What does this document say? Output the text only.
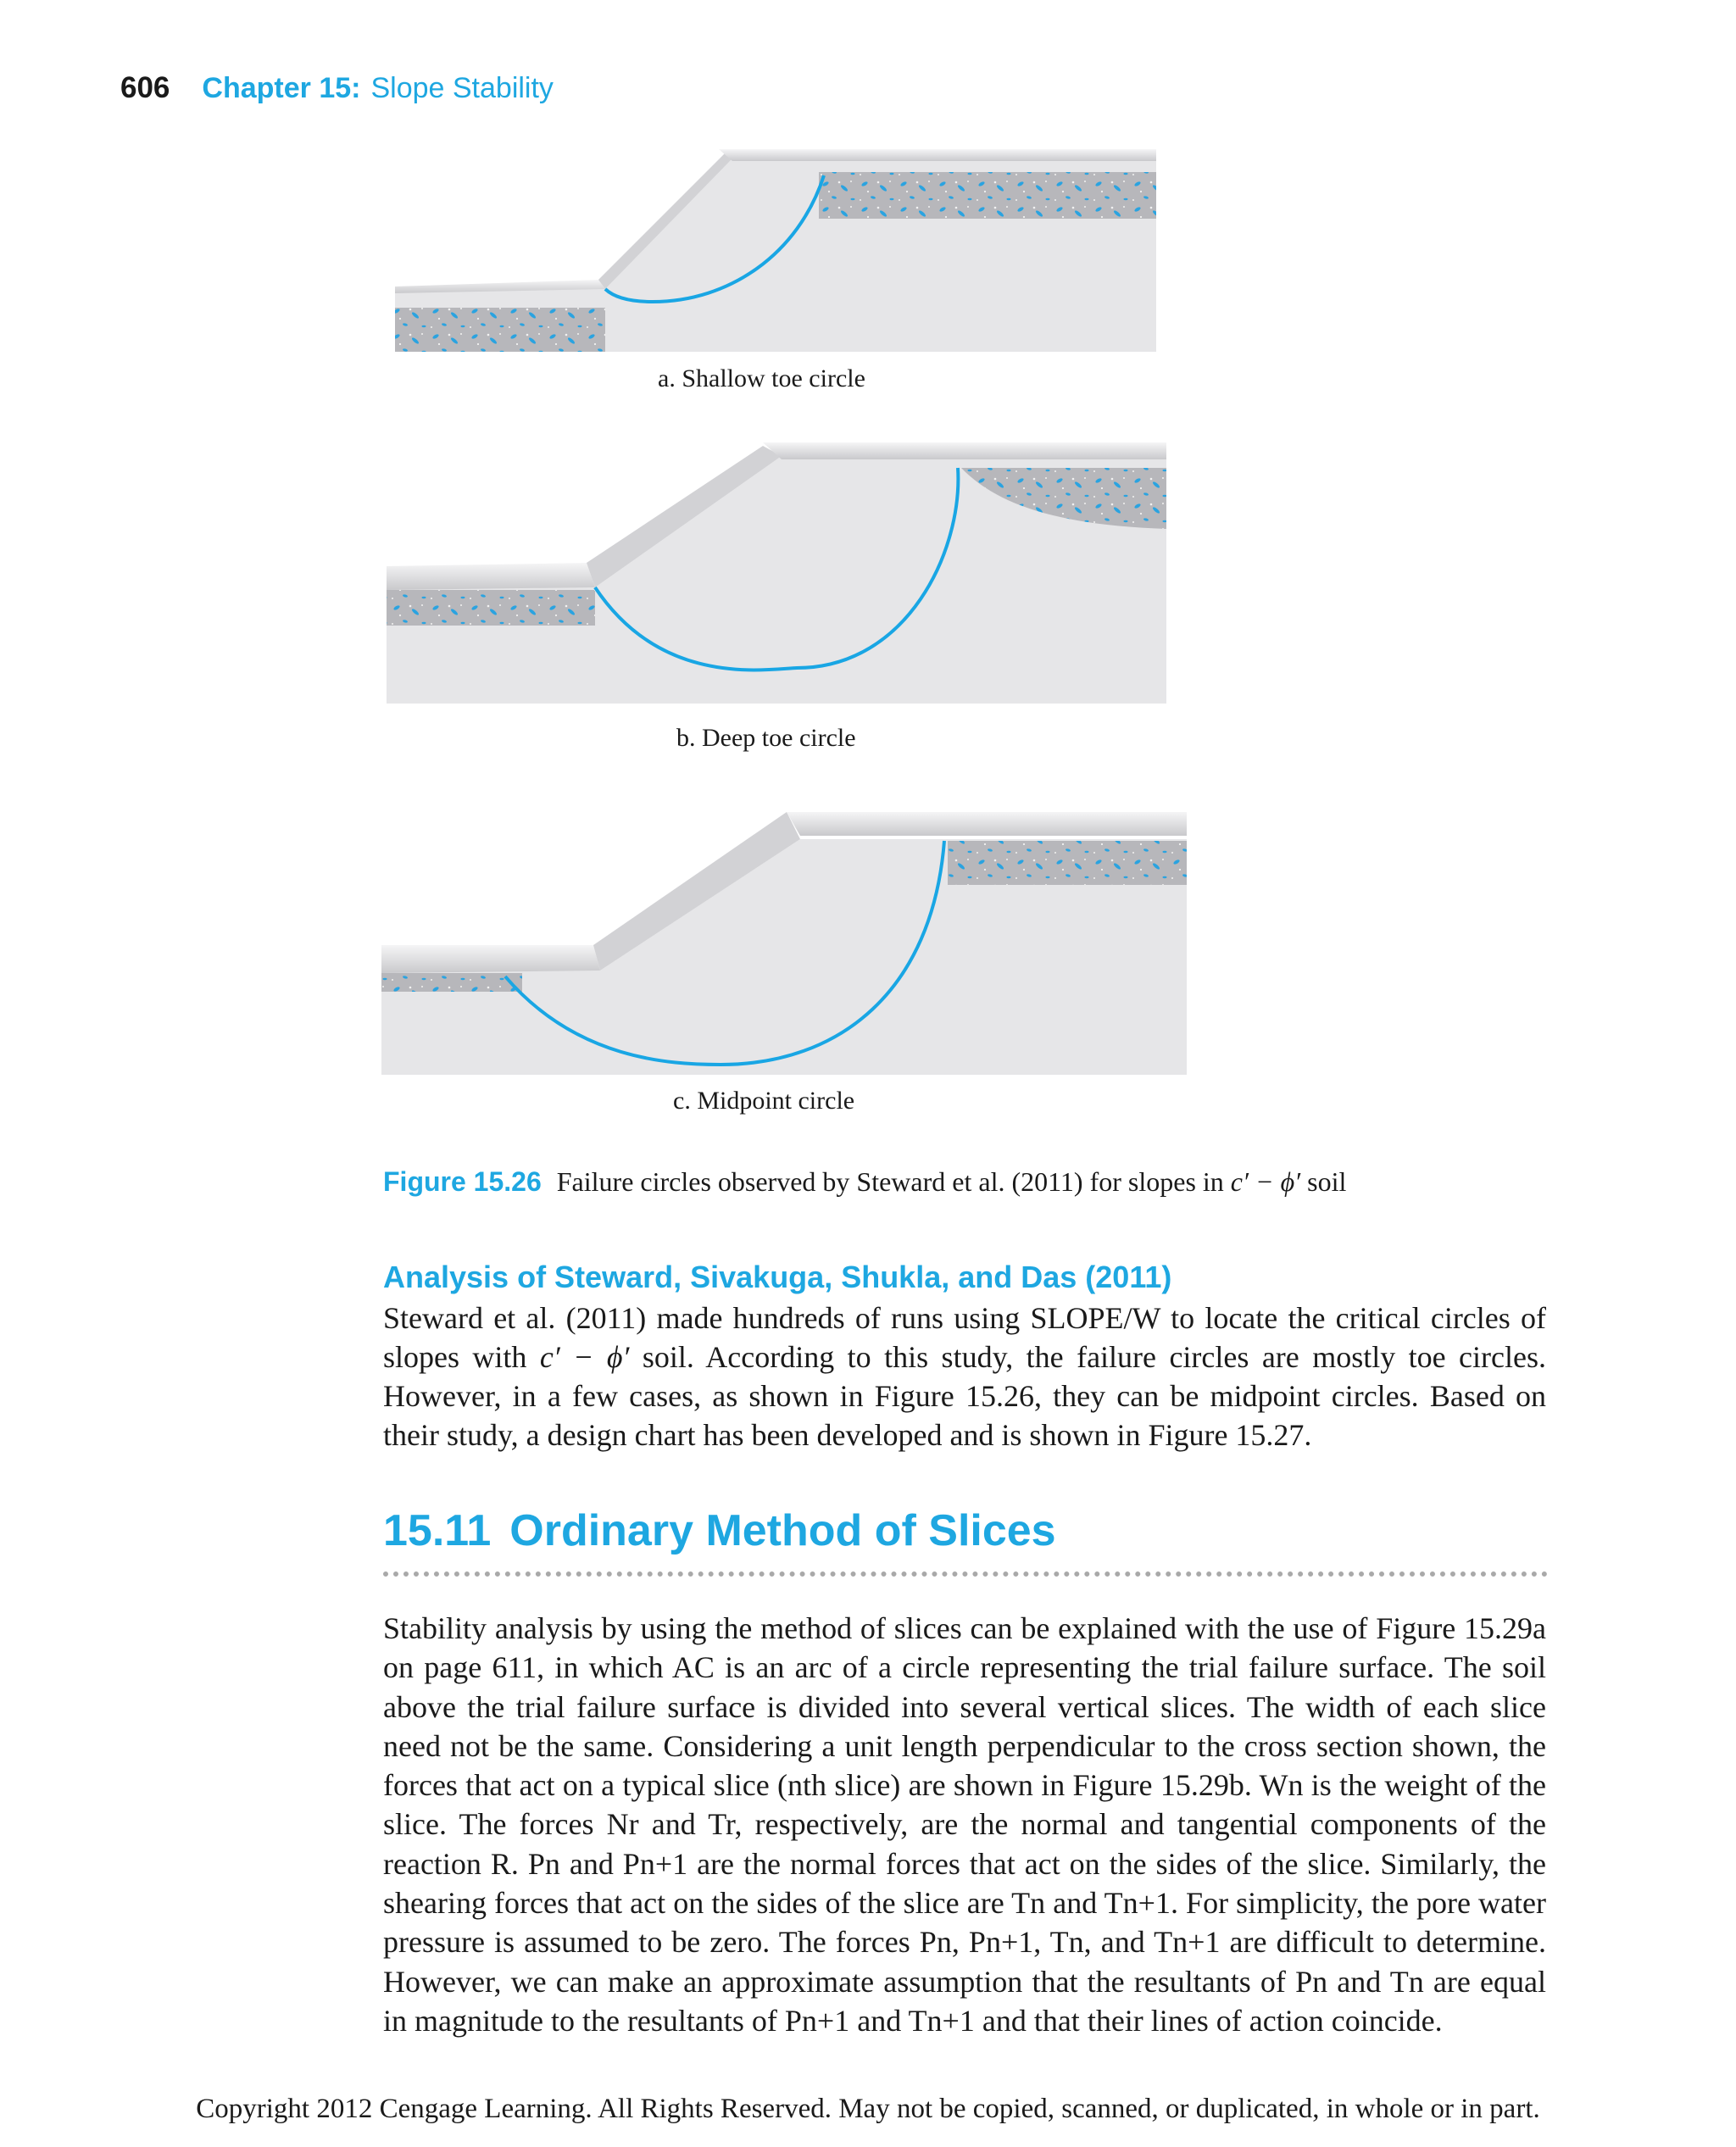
606 Chapter 15: Slope Stability
a. Shallow toe circle
b. Deep toe circle
c. Midpoint circle
Figure 15.26 Failure circles observed by Steward et al. (2011) for slopes in c′ − ϕ′ soil
Analysis of Steward, Sivakuga, Shukla, and Das (2011)
Steward et al. (2011) made hundreds of runs using SLOPE/W to locate the critical circles of slopes with c′ − ϕ′ soil. According to this study, the failure circles are mostly toe circles. However, in a few cases, as shown in Figure 15.26, they can be midpoint circles. Based on their study, a design chart has been developed and is shown in Figure 15.27.
15.11 Ordinary Method of Slices
Stability analysis by using the method of slices can be explained with the use of Figure 15.29a on page 611, in which AC is an arc of a circle representing the trial failure surface. The soil above the trial failure surface is divided into several vertical slices. The width of each slice need not be the same. Considering a unit length perpendicular to the cross section shown, the forces that act on a typical slice (nth slice) are shown in Figure 15.29b. Wn is the weight of the slice. The forces Nr and Tr, respectively, are the normal and tangential components of the reaction R. Pn and Pn+1 are the normal forces that act on the sides of the slice. Similarly, the shearing forces that act on the sides of the slice are Tn and Tn+1. For simplicity, the pore water pressure is assumed to be zero. The forces Pn, Pn+1, Tn, and Tn+1 are difficult to determine. However, we can make an approximate assumption that the resultants of Pn and Tn are equal in magnitude to the resultants of Pn+1 and Tn+1 and that their lines of action coincide.
Copyright 2012 Cengage Learning. All Rights Reserved. May not be copied, scanned, or duplicated, in whole or in part.
